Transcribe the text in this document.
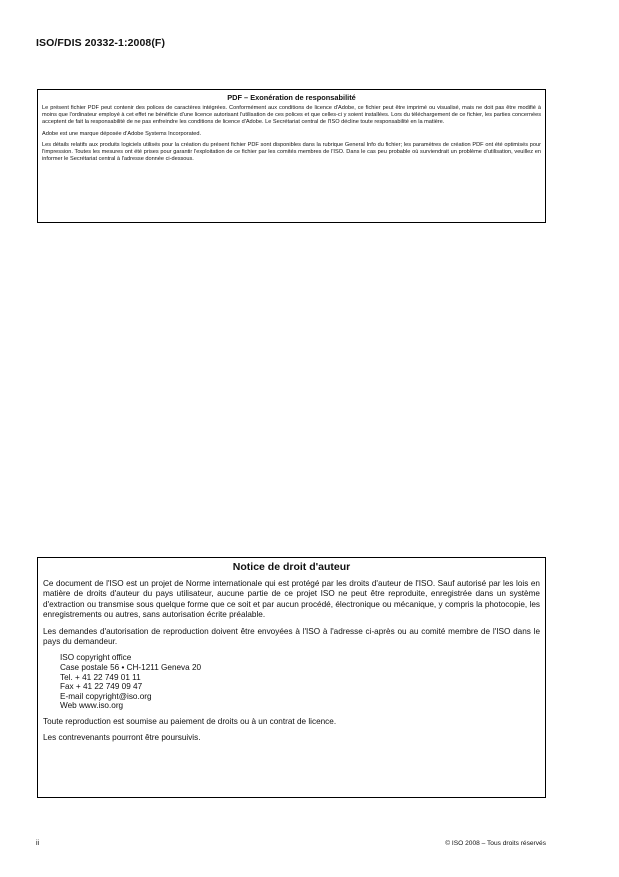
ISO/FDIS 20332-1:2008(F)
PDF – Exonération de responsabilité

Le présent fichier PDF peut contenir des polices de caractères intégrées. Conformément aux conditions de licence d'Adobe, ce fichier peut être imprimé ou visualisé, mais ne doit pas être modifié à moins que l'ordinateur employé à cet effet ne bénéficie d'une licence autorisant l'utilisation de ces polices et que celles-ci y soient installées. Lors du téléchargement de ce fichier, les parties concernées acceptent de fait la responsabilité de ne pas enfreindre les conditions de licence d'Adobe. Le Secrétariat central de l'ISO décline toute responsabilité en la matière.

Adobe est une marque déposée d'Adobe Systems Incorporated.

Les détails relatifs aux produits logiciels utilisés pour la création du présent fichier PDF sont disponibles dans la rubrique General Info du fichier; les paramètres de création PDF ont été optimisés pour l'impression. Toutes les mesures ont été prises pour garantir l'exploitation de ce fichier par les comités membres de l'ISO. Dans le cas peu probable où surviendrait un problème d'utilisation, veuillez en informer le Secrétariat central à l'adresse donnée ci-dessous.

Notice de droit d'auteur

Ce document de l'ISO est un projet de Norme internationale qui est protégé par les droits d'auteur de l'ISO. Sauf autorisé par les lois en matière de droits d'auteur du pays utilisateur, aucune partie de ce projet ISO ne peut être reproduite, enregistrée dans un système d'extraction ou transmise sous quelque forme que ce soit et par aucun procédé, électronique ou mécanique, y compris la photocopie, les enregistrements ou autres, sans autorisation écrite préalable.

Les demandes d'autorisation de reproduction doivent être envoyées à l'ISO à l'adresse ci-après ou au comité membre de l'ISO dans le pays du demandeur.

ISO copyright office
Case postale 56 • CH-1211 Geneva 20
Tel. + 41 22 749 01 11
Fax + 41 22 749 09 47
E-mail copyright@iso.org
Web www.iso.org

Toute reproduction est soumise au paiement de droits ou à un contrat de licence.

Les contrevenants pourront être poursuivis.

ii	© ISO 2008 – Tous droits réservés
